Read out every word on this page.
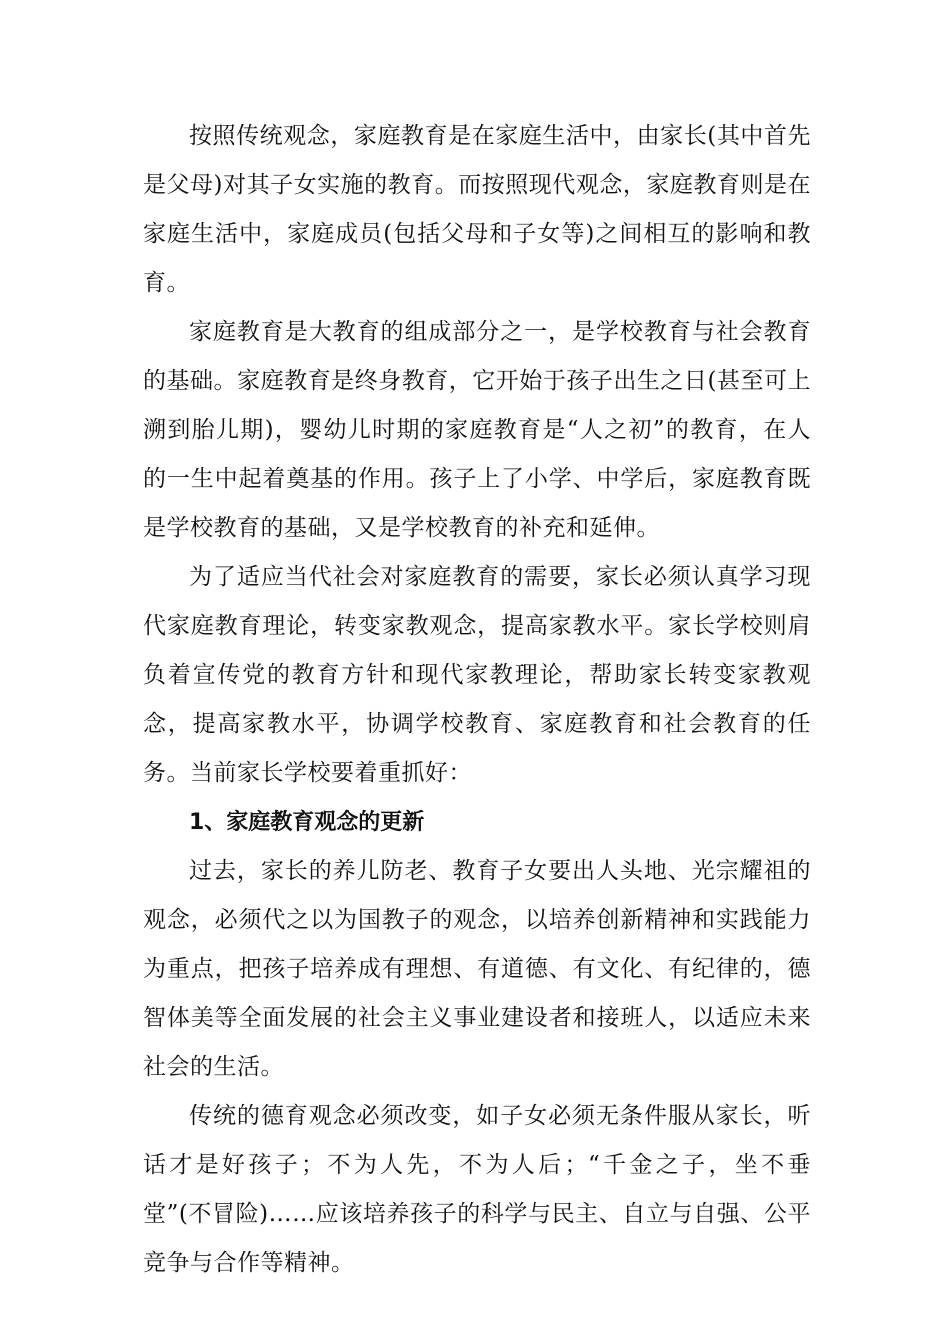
按照传统观念，家庭教育是在家庭生活中，由家长(其中首先是父母)对其子女实施的教育。而按照现代观念，家庭教育则是在家庭生活中，家庭成员(包括父母和子女等)之间相互的影响和教育。

家庭教育是大教育的组成部分之一，是学校教育与社会教育的基础。家庭教育是终身教育，它开始于孩子出生之日(甚至可上溯到胎儿期)，婴幼儿时期的家庭教育是“人之初”的教育，在人的一生中起着奠基的作用。孩子上了小学、中学后，家庭教育既是学校教育的基础，又是学校教育的补充和延伸。

为了适应当代社会对家庭教育的需要，家长必须认真学习现代家庭教育理论，转变家教观念，提高家教水平。家长学校则肩负着宣传党的教育方针和现代家教理论，帮助家长转变家教观念，提高家教水平，协调学校教育、家庭教育和社会教育的任务。当前家长学校要着重抓好：

1、家庭教育观念的更新

过去，家长的养儿防老、教育子女要出人头地、光宗耀祖的观念，必须代之以为国教子的观念，以培养创新精神和实践能力为重点，把孩子培养成有理想、有道德、有文化、有纪律的，德智体美等全面发展的社会主义事业建设者和接班人，以适应未来社会的生活。

传统的德育观念必须改变，如子女必须无条件服从家长，听话才是好孩子；不为人先，不为人后；“千金之子，坐不垂堂”(不冒险)……应该培养孩子的科学与民主、自立与自强、公平竞争与合作等精神。
